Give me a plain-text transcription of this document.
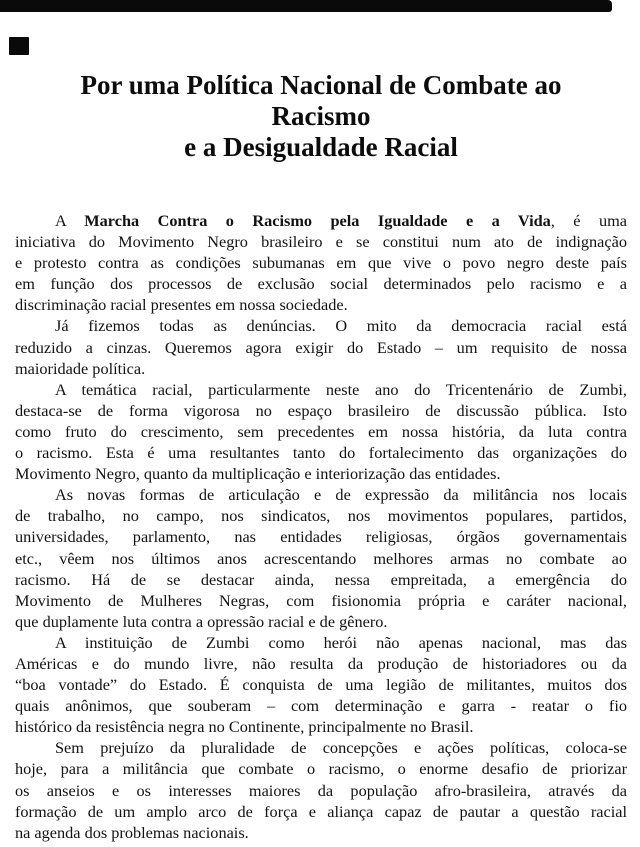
Por uma Política Nacional de Combate ao
Racismo
e a Desigualdade Racial
A Marcha Contra o Racismo pela Igualdade e a Vida, é uma
iniciativa do Movimento Negro brasileiro e se constitui num ato de indignação
e protesto contra as condições subumanas em que vive o povo negro deste país
em função dos processos de exclusão social determinados pelo racismo e a
discriminação racial presentes em nossa sociedade.
Já fizemos todas as denúncias. O mito da democracia racial está
reduzido a cinzas. Queremos agora exigir do Estado – um requisito de nossa
maioridade política.
A temática racial, particularmente neste ano do Tricentenário de Zumbi,
destaca-se de forma vigorosa no espaço brasileiro de discussão pública. Isto
como fruto do crescimento, sem precedentes em nossa história, da luta contra
o racismo. Esta é uma resultantes tanto do fortalecimento das organizações do
Movimento Negro, quanto da multiplicação e interiorização das entidades.
As novas formas de articulação e de expressão da militância nos locais
de trabalho, no campo, nos sindicatos, nos movimentos populares, partidos,
universidades, parlamento, nas entidades religiosas, órgãos governamentais
etc., vêem nos últimos anos acrescentando melhores armas no combate ao
racismo. Há de se destacar ainda, nessa empreitada, a emergência do
Movimento de Mulheres Negras, com fisionomia própria e caráter nacional,
que duplamente luta contra a opressão racial e de gênero.
A instituição de Zumbi como herói não apenas nacional, mas das
Américas e do mundo livre, não resulta da produção de historiadores ou da
“boa vontade” do Estado. É conquista de uma legião de militantes, muitos dos
quais anônimos, que souberam – com determinação e garra - reatar o fio
histórico da resistência negra no Continente, principalmente no Brasil.
Sem prejuízo da pluralidade de concepções e ações políticas, coloca-se
hoje, para a militância que combate o racismo, o enorme desafio de priorizar
os anseios e os interesses maiores da população afro-brasileira, através da
formação de um amplo arco de força e aliança capaz de pautar a questão racial
na agenda dos problemas nacionais.
